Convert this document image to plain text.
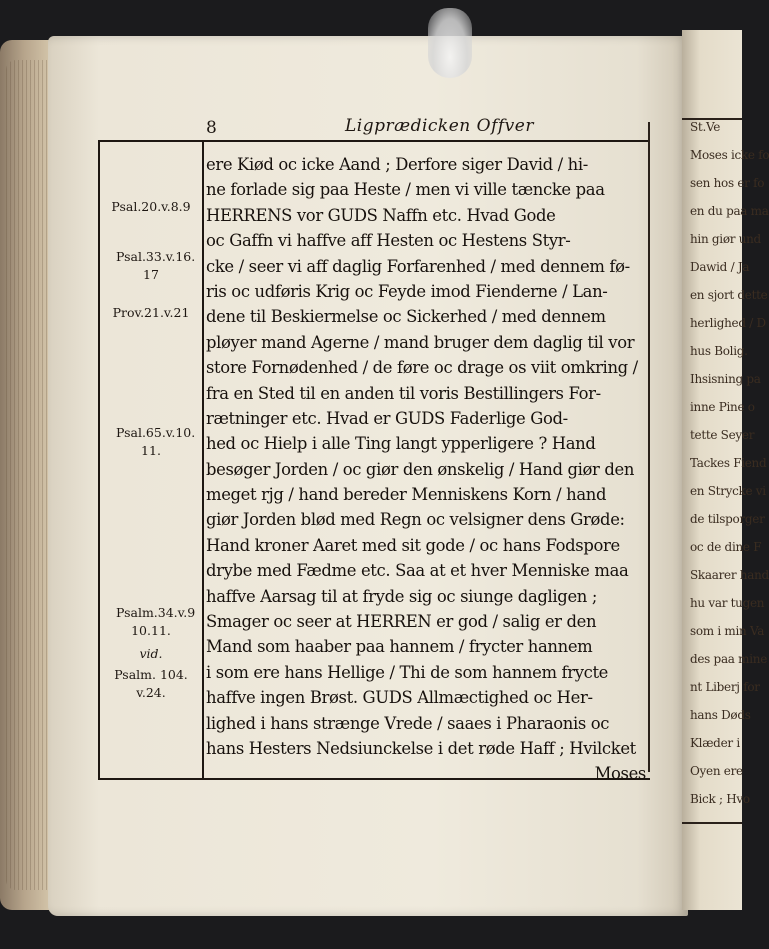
St.Ve
Moses icke fo
sen hos er fo
en du paa ma
hin giør und
Dawid / Ja
en sjort dette
herlighed / D
hus Bolig.
Ihsisning pa
inne Pine o
tette Seyer
Tackes Fiend
en Strycke vi
de tilsporger
oc de dine F
Skaarer hand
hu var tugen
som i min Va
des paa mine
nt Liberj for
hans Døds
Klæder i
Oyen ere
Bick ; Hvo
8	Ligprædicken Offver
Psal.20.v.8.9
Psal.33.v.16. 17
Prov.21.v.21
Psal.65.v.10. 11.
Psalm.34.v.9 10.11.
vid.
Psalm. 104. v.24.
ere Kiød oc icke Aand ; Derfore siger David / hi-
ne forlade sig paa Heste / men vi ville tæncke paa
HERRENS vor GUDS Naffn etc. Hvad Gode
oc Gaffn vi haffve aff Hesten oc Hestens Styr-
cke / seer vi aff daglig Forfarenhed / med dennem fø-
ris oc udføris Krig oc Feyde imod Fienderne / Lan-
dene til Beskiermelse oc Sickerhed / med dennem
pløyer mand Agerne / mand bruger dem daglig til vor
store Fornødenhed / de føre oc drage os viit omkring /
fra en Sted til en anden til voris Bestillingers For-
rætninger etc. Hvad er GUDS Faderlige God-
hed oc Hielp i alle Ting langt ypperligere ? Hand
besøger Jorden / oc giør den ønskelig / Hand giør den
meget rjg / hand bereder Menniskens Korn / hand
giør Jorden blød med Regn oc velsigner dens Grøde:
Hand kroner Aaret med sit gode / oc hans Fodspore
drybe med Fædme etc. Saa at et hver Menniske maa
haffve Aarsag til at fryde sig oc siunge dagligen ;
Smager oc seer at HERREN er god / salig er den
Mand som haaber paa hannem / frycter hannem
i som ere hans Hellige / Thi de som hannem frycte
haffve ingen Brøst. GUDS Allmæctighed oc Her-
lighed i hans strænge Vrede / saaes i Pharaonis oc
hans Hesters Nedsiunckelse i det røde Haff ; Hvilcket
Moses
